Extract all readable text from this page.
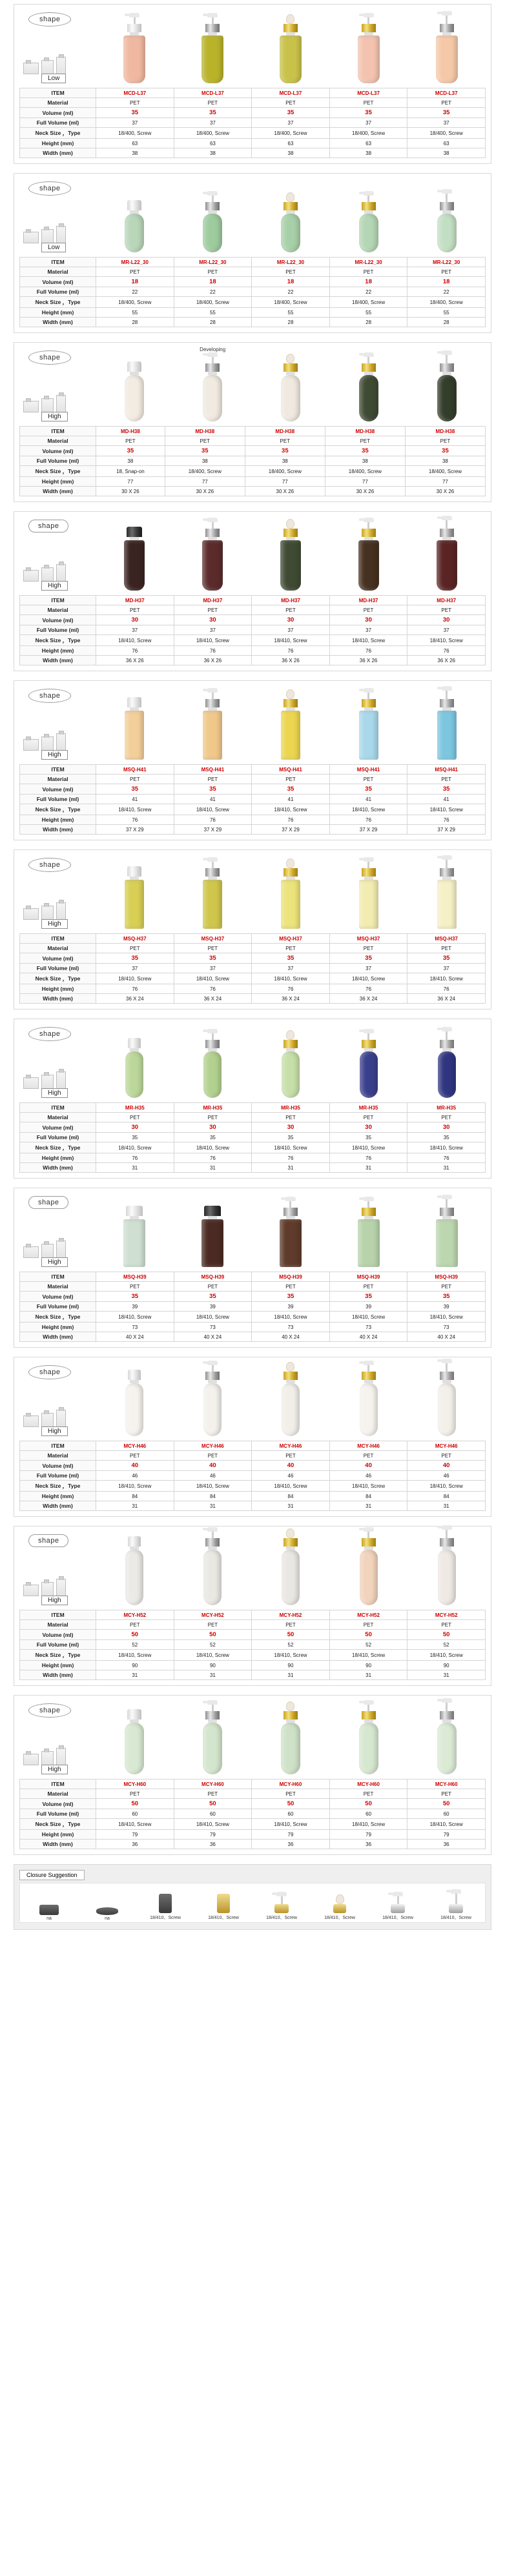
shape
Low
ITEM	MCD-L37	MCD-L37	MCD-L37	MCD-L37	MCD-L37
Material	PET	PET	PET	PET	PET
Volume (ml)	35	35	35	35	35
Full Volume (ml)	37	37	37	37	37
Neck Size ，Type	18/400, Screw	18/400, Screw	18/400, Screw	18/400, Screw	18/400, Screw
Height (mm)	63	63	63	63	63
Width (mm)	38	38	38	38	38
shape
Low
ITEM	MR-L22_30	MR-L22_30	MR-L22_30	MR-L22_30	MR-L22_30
Material	PET	PET	PET	PET	PET
Volume (ml)	18	18	18	18	18
Full Volume (ml)	22	22	22	22	22
Neck Size ，Type	18/400, Screw	18/400, Screw	18/400, Screw	18/400, Screw	18/400, Screw
Height (mm)	55	55	55	55	55
Width (mm)	28	28	28	28	28
shape
High
Developing
ITEM	MD-H38	MD-H38	MD-H38	MD-H38	MD-H38
Material	PET	PET	PET	PET	PET
Volume (ml)	35	35	35	35	35
Full Volume (ml)	38	38	38	38	38
Neck Size ，Type	18, Snap-on	18/400, Screw	18/400, Screw	18/400, Screw	18/400, Screw
Height (mm)	77	77	77	77	77
Width (mm)	30 X 26	30 X 26	30 X 26	30 X 26	30 X 26
shape
High
ITEM	MD-H37	MD-H37	MD-H37	MD-H37	MD-H37
Material	PET	PET	PET	PET	PET
Volume (ml)	30	30	30	30	30
Full Volume (ml)	37	37	37	37	37
Neck Size ，Type	18/410, Screw	18/410, Screw	18/410, Screw	18/410, Screw	18/410, Screw
Height (mm)	76	76	76	76	76
Width (mm)	36 X 26	36 X 26	36 X 26	36 X 26	36 X 26
shape
High
ITEM	MSQ-H41	MSQ-H41	MSQ-H41	MSQ-H41	MSQ-H41
Material	PET	PET	PET	PET	PET
Volume (ml)	35	35	35	35	35
Full Volume (ml)	41	41	41	41	41
Neck Size ，Type	18/410, Screw	18/410, Screw	18/410, Screw	18/410, Screw	18/410, Screw
Height (mm)	76	76	76	76	76
Width (mm)	37 X 29	37 X 29	37 X 29	37 X 29	37 X 29
shape
High
ITEM	MSQ-H37	MSQ-H37	MSQ-H37	MSQ-H37	MSQ-H37
Material	PET	PET	PET	PET	PET
Volume (ml)	35	35	35	35	35
Full Volume (ml)	37	37	37	37	37
Neck Size ，Type	18/410, Screw	18/410, Screw	18/410, Screw	18/410, Screw	18/410, Screw
Height (mm)	76	76	76	76	76
Width (mm)	36 X 24	36 X 24	36 X 24	36 X 24	36 X 24
shape
High
ITEM	MR-H35	MR-H35	MR-H35	MR-H35	MR-H35
Material	PET	PET	PET	PET	PET
Volume (ml)	30	30	30	30	30
Full Volume (ml)	35	35	35	35	35
Neck Size ，Type	18/410, Screw	18/410, Screw	18/410, Screw	18/410, Screw	18/410, Screw
Height (mm)	76	76	76	76	76
Width (mm)	31	31	31	31	31
shape
High
ITEM	MSQ-H39	MSQ-H39	MSQ-H39	MSQ-H39	MSQ-H39
Material	PET	PET	PET	PET	PET
Volume (ml)	35	35	35	35	35
Full Volume (ml)	39	39	39	39	39
Neck Size ，Type	18/410, Screw	18/410, Screw	18/410, Screw	18/410, Screw	18/410, Screw
Height (mm)	73	73	73	73	73
Width (mm)	40 X 24	40 X 24	40 X 24	40 X 24	40 X 24
shape
High
ITEM	MCY-H46	MCY-H46	MCY-H46	MCY-H46	MCY-H46
Material	PET	PET	PET	PET	PET
Volume (ml)	40	40	40	40	40
Full Volume (ml)	46	46	46	46	46
Neck Size ，Type	18/410, Screw	18/410, Screw	18/410, Screw	18/410, Screw	18/410, Screw
Height (mm)	84	84	84	84	84
Width (mm)	31	31	31	31	31
shape
High
ITEM	MCY-H52	MCY-H52	MCY-H52	MCY-H52	MCY-H52
Material	PET	PET	PET	PET	PET
Volume (ml)	50	50	50	50	50
Full Volume (ml)	52	52	52	52	52
Neck Size ，Type	18/410, Screw	18/410, Screw	18/410, Screw	18/410, Screw	18/410, Screw
Height (mm)	90	90	90	90	90
Width (mm)	31	31	31	31	31
shape
High
ITEM	MCY-H60	MCY-H60	MCY-H60	MCY-H60	MCY-H60
Material	PET	PET	PET	PET	PET
Volume (ml)	50	50	50	50	50
Full Volume (ml)	60	60	60	60	60
Neck Size ，Type	18/410, Screw	18/410, Screw	18/410, Screw	18/410, Screw	18/410, Screw
Height (mm)	79	79	79	79	79
Width (mm)	36	36	36	36	36
Closure Suggestion
na	na	18/410、Screw	18/410、Screw	18/410、Screw	18/410、Screw	18/410、Screw	18/410、Screw
